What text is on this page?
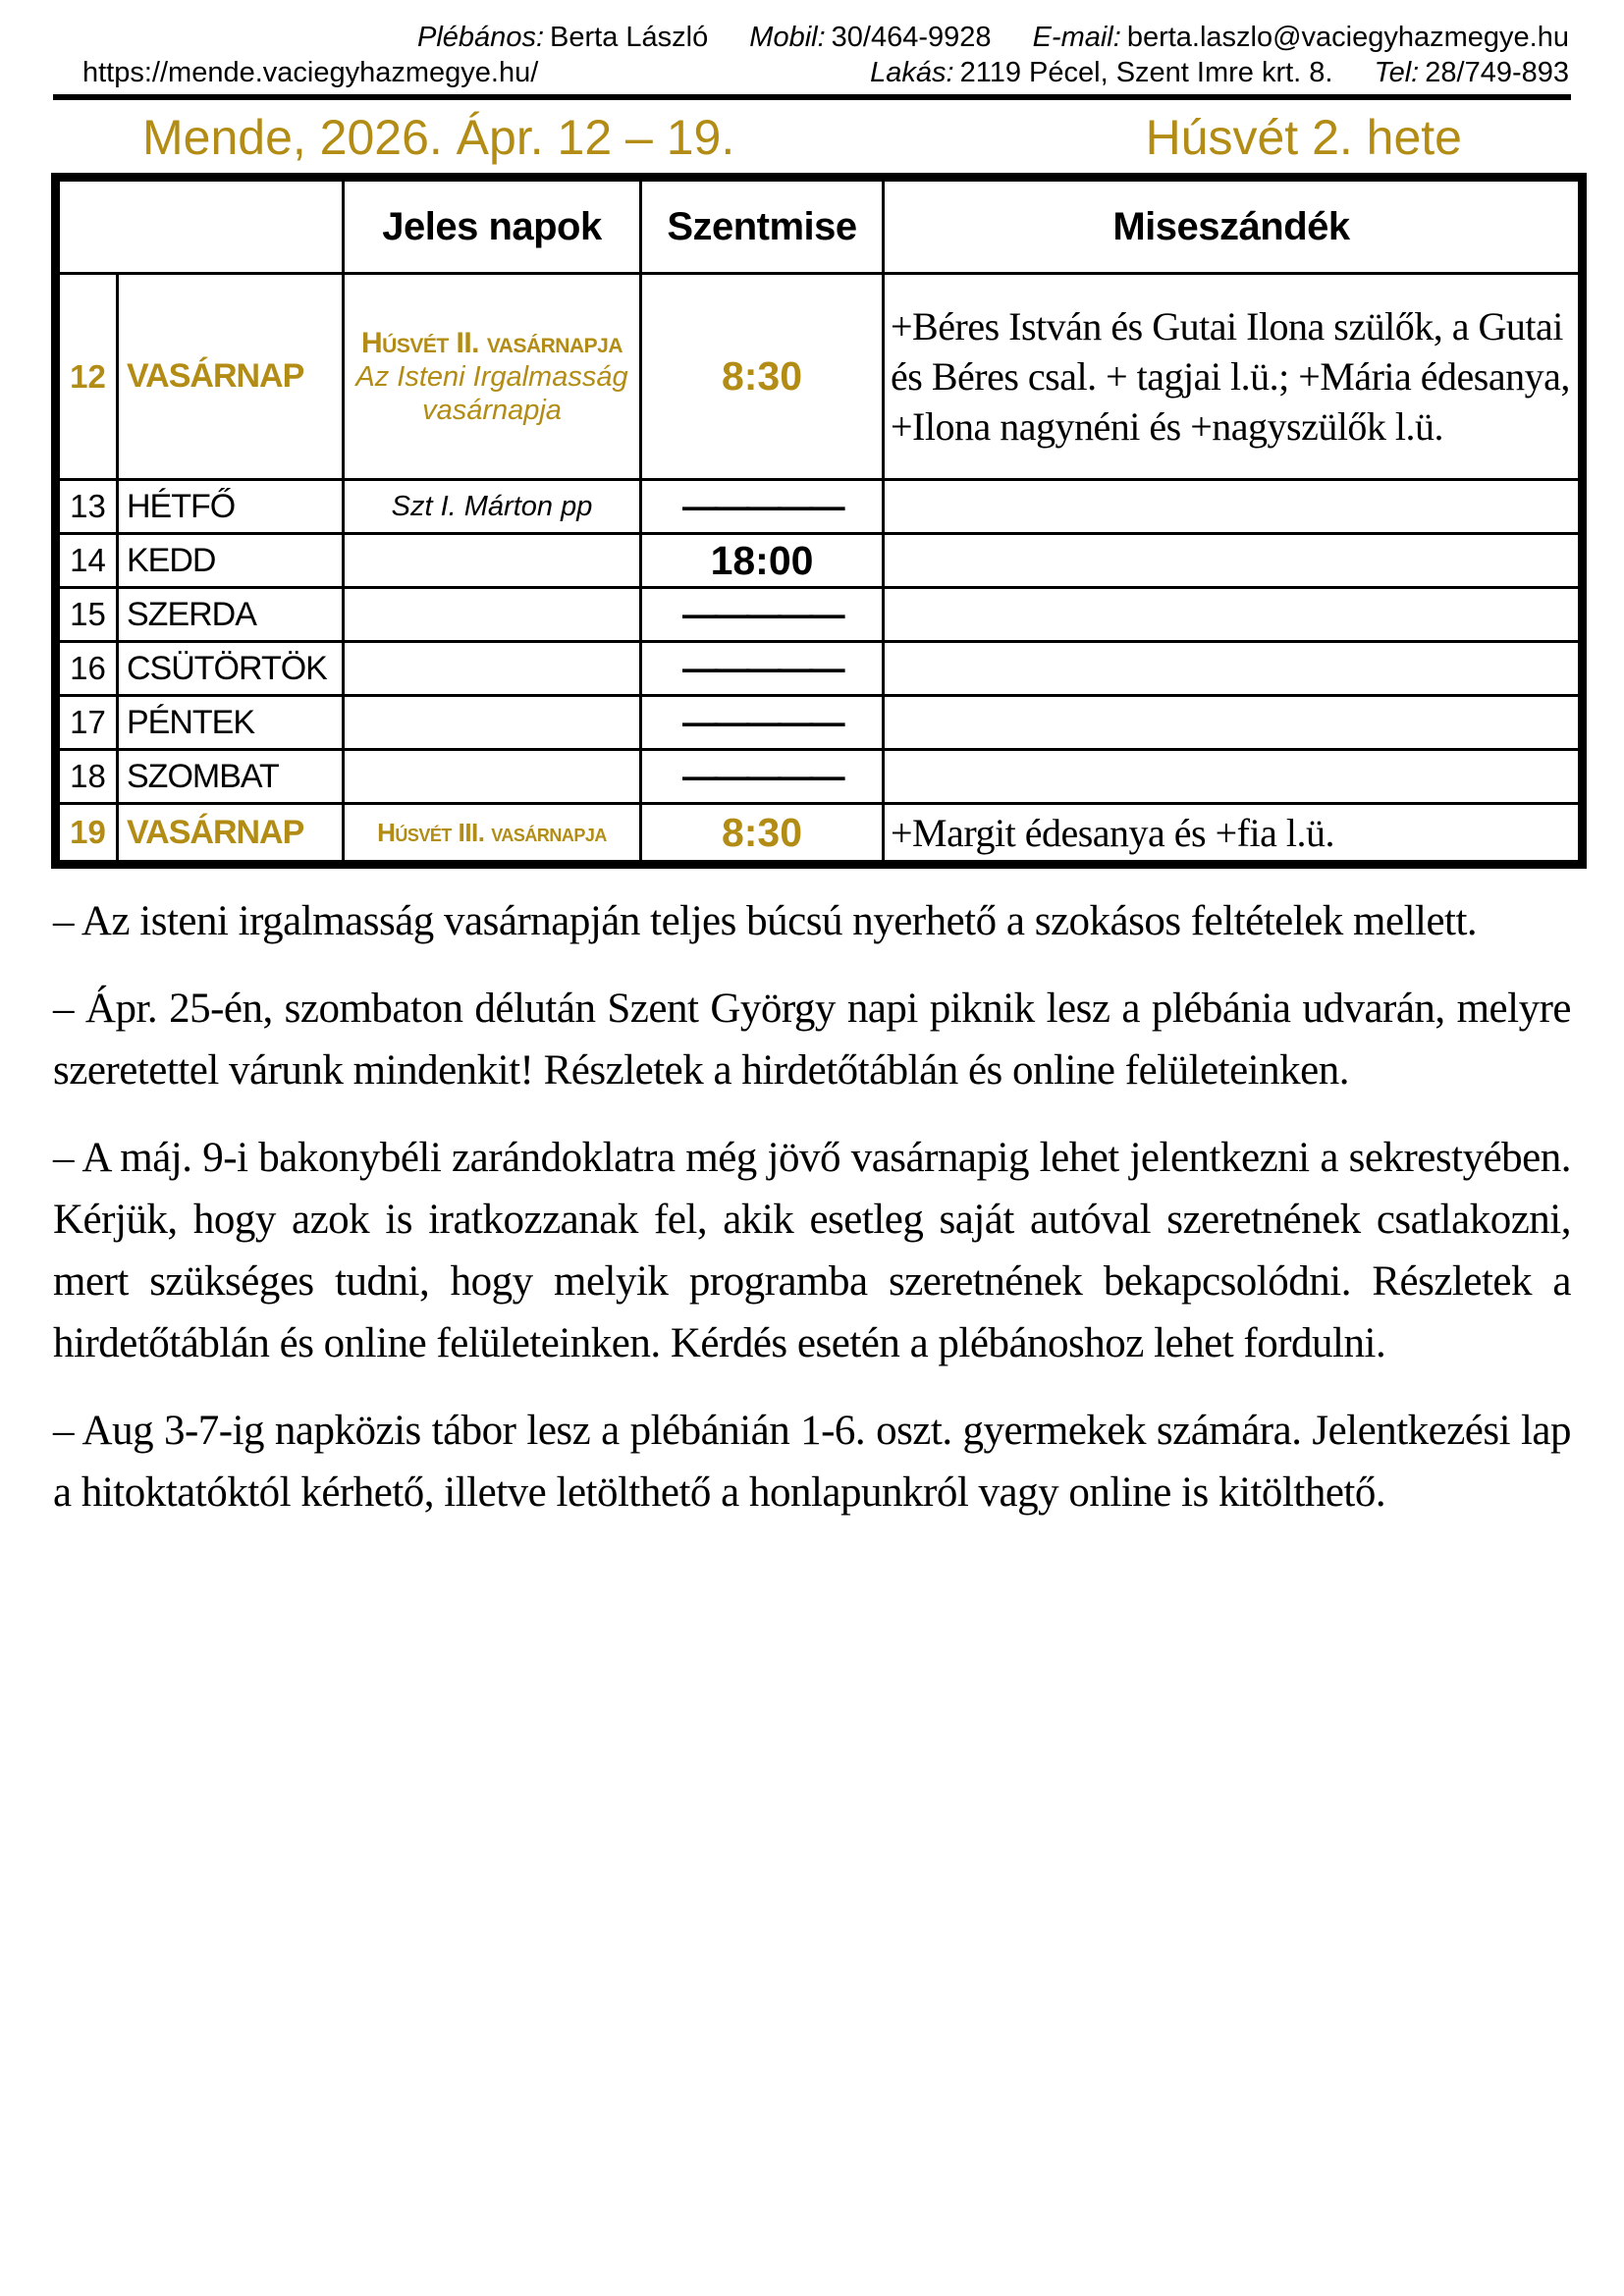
Plébános: Berta László Mobil: 30/464-9928 E-mail: berta.laszlo@vaciegyhazmegye.hu
https://mende.vaciegyhazmegye.hu/	Lakás: 2119 Pécel, Szent Imre krt. 8. Tel: 28/749-893
Mende, 2026. Ápr. 12 – 19.	Húsvét 2. hete
		Jeles napok	Szentmise	Miseszándék
12	VASÁRNAP	Húsvét II. vasárnapja
Az Isteni Irgalmasság vasárnapja	8:30	+Béres István és Gutai Ilona szülők, a Gutai és Béres csal. + tagjai l.ü.; +Mária édesanya, +Ilona nagynéni és +nagyszülők l.ü.
13	HÉTFŐ	Szt I. Márton pp	—————	
14	KEDD		18:00	
15	SZERDA		—————	
16	CSÜTÖRTÖK		—————	
17	PÉNTEK		—————	
18	SZOMBAT		—————	
19	VASÁRNAP	Húsvét III. vasárnapja	8:30	+Margit édesanya és +fia l.ü.

– Az isteni irgalmasság vasárnapján teljes búcsú nyerhető a szokásos feltételek mellett.

– Ápr. 25-én, szombaton délután Szent György napi piknik lesz a plébánia udvarán, melyre szeretettel várunk mindenkit! Részletek a hirdetőtáblán és online felületeinken.

– A máj. 9-i bakonybéli zarándoklatra még jövő vasárnapig lehet jelentkezni a sekrestyében. Kérjük, hogy azok is iratkozzanak fel, akik esetleg saját autóval szeretnének csatlakozni, mert szükséges tudni, hogy melyik programba szeretnének bekapcsolódni. Részletek a hirdetőtáblán és online felületeinken. Kérdés esetén a plébánoshoz lehet fordulni.

– Aug 3-7-ig napközis tábor lesz a plébánián 1-6. oszt. gyermekek számára. Jelentkezési lap a hitoktatóktól kérhető, illetve letölthető a honlapunkról vagy online is kitölthető.
